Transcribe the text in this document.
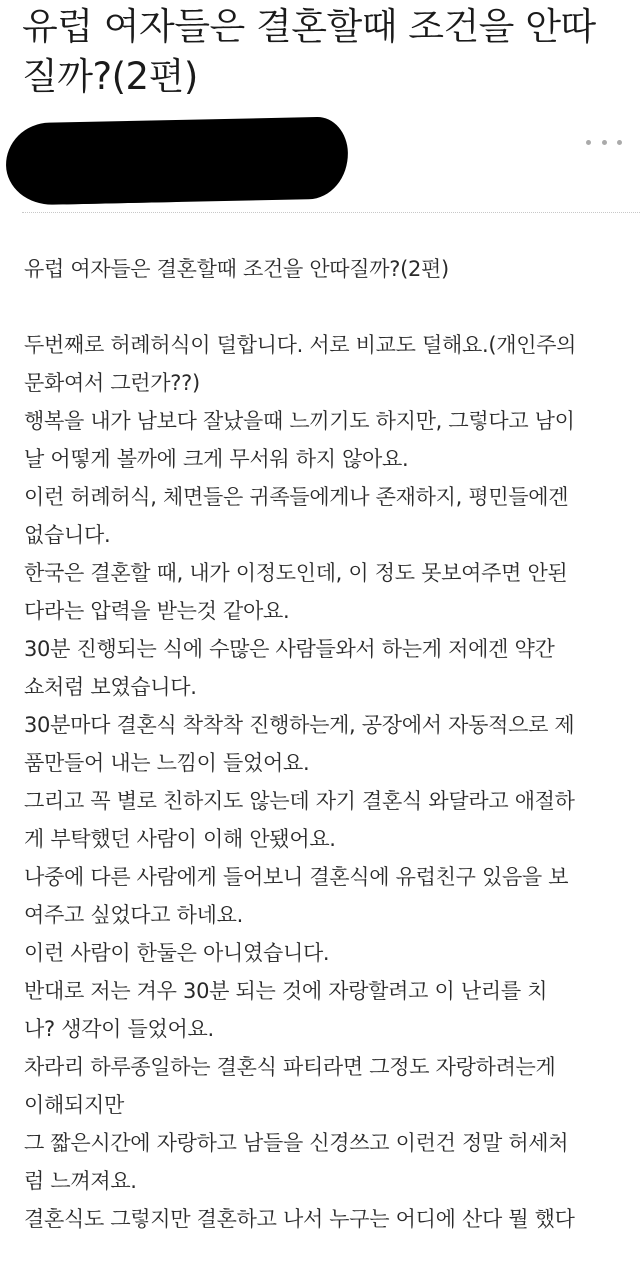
유럽 여자들은 결혼할때 조건을 안따질까?(2편)
유럽 여자들은 결혼할때 조건을 안따질까?(2편)
두번째로 허례허식이 덜합니다. 서로 비교도 덜해요.(개인주의
문화여서 그런가??)
행복을 내가 남보다 잘났을때 느끼기도 하지만, 그렇다고 남이
날 어떻게 볼까에 크게 무서워 하지 않아요.
이런 허례허식, 체면들은 귀족들에게나 존재하지, 평민들에겐
없습니다.
한국은 결혼할 때, 내가 이정도인데, 이 정도 못보여주면 안된
다라는 압력을 받는것 같아요.
30분 진행되는 식에 수많은 사람들와서 하는게 저에겐 약간
쇼처럼 보였습니다.
30분마다 결혼식 착착착 진행하는게, 공장에서 자동적으로 제
품만들어 내는 느낌이 들었어요.
그리고 꼭 별로 친하지도 않는데 자기 결혼식 와달라고 애절하
게 부탁했던 사람이 이해 안됐어요.
나중에 다른 사람에게 들어보니 결혼식에 유럽친구 있음을 보
여주고 싶었다고 하네요.
이런 사람이 한둘은 아니였습니다.
반대로 저는 겨우 30분 되는 것에 자랑할려고 이 난리를 치
나? 생각이 들었어요.
차라리 하루종일하는 결혼식 파티라면 그정도 자랑하려는게
이해되지만
그 짧은시간에 자랑하고 남들을 신경쓰고 이런건 정말 허세처
럼 느껴져요.
결혼식도 그렇지만 결혼하고 나서 누구는 어디에 산다 뭘 했다
